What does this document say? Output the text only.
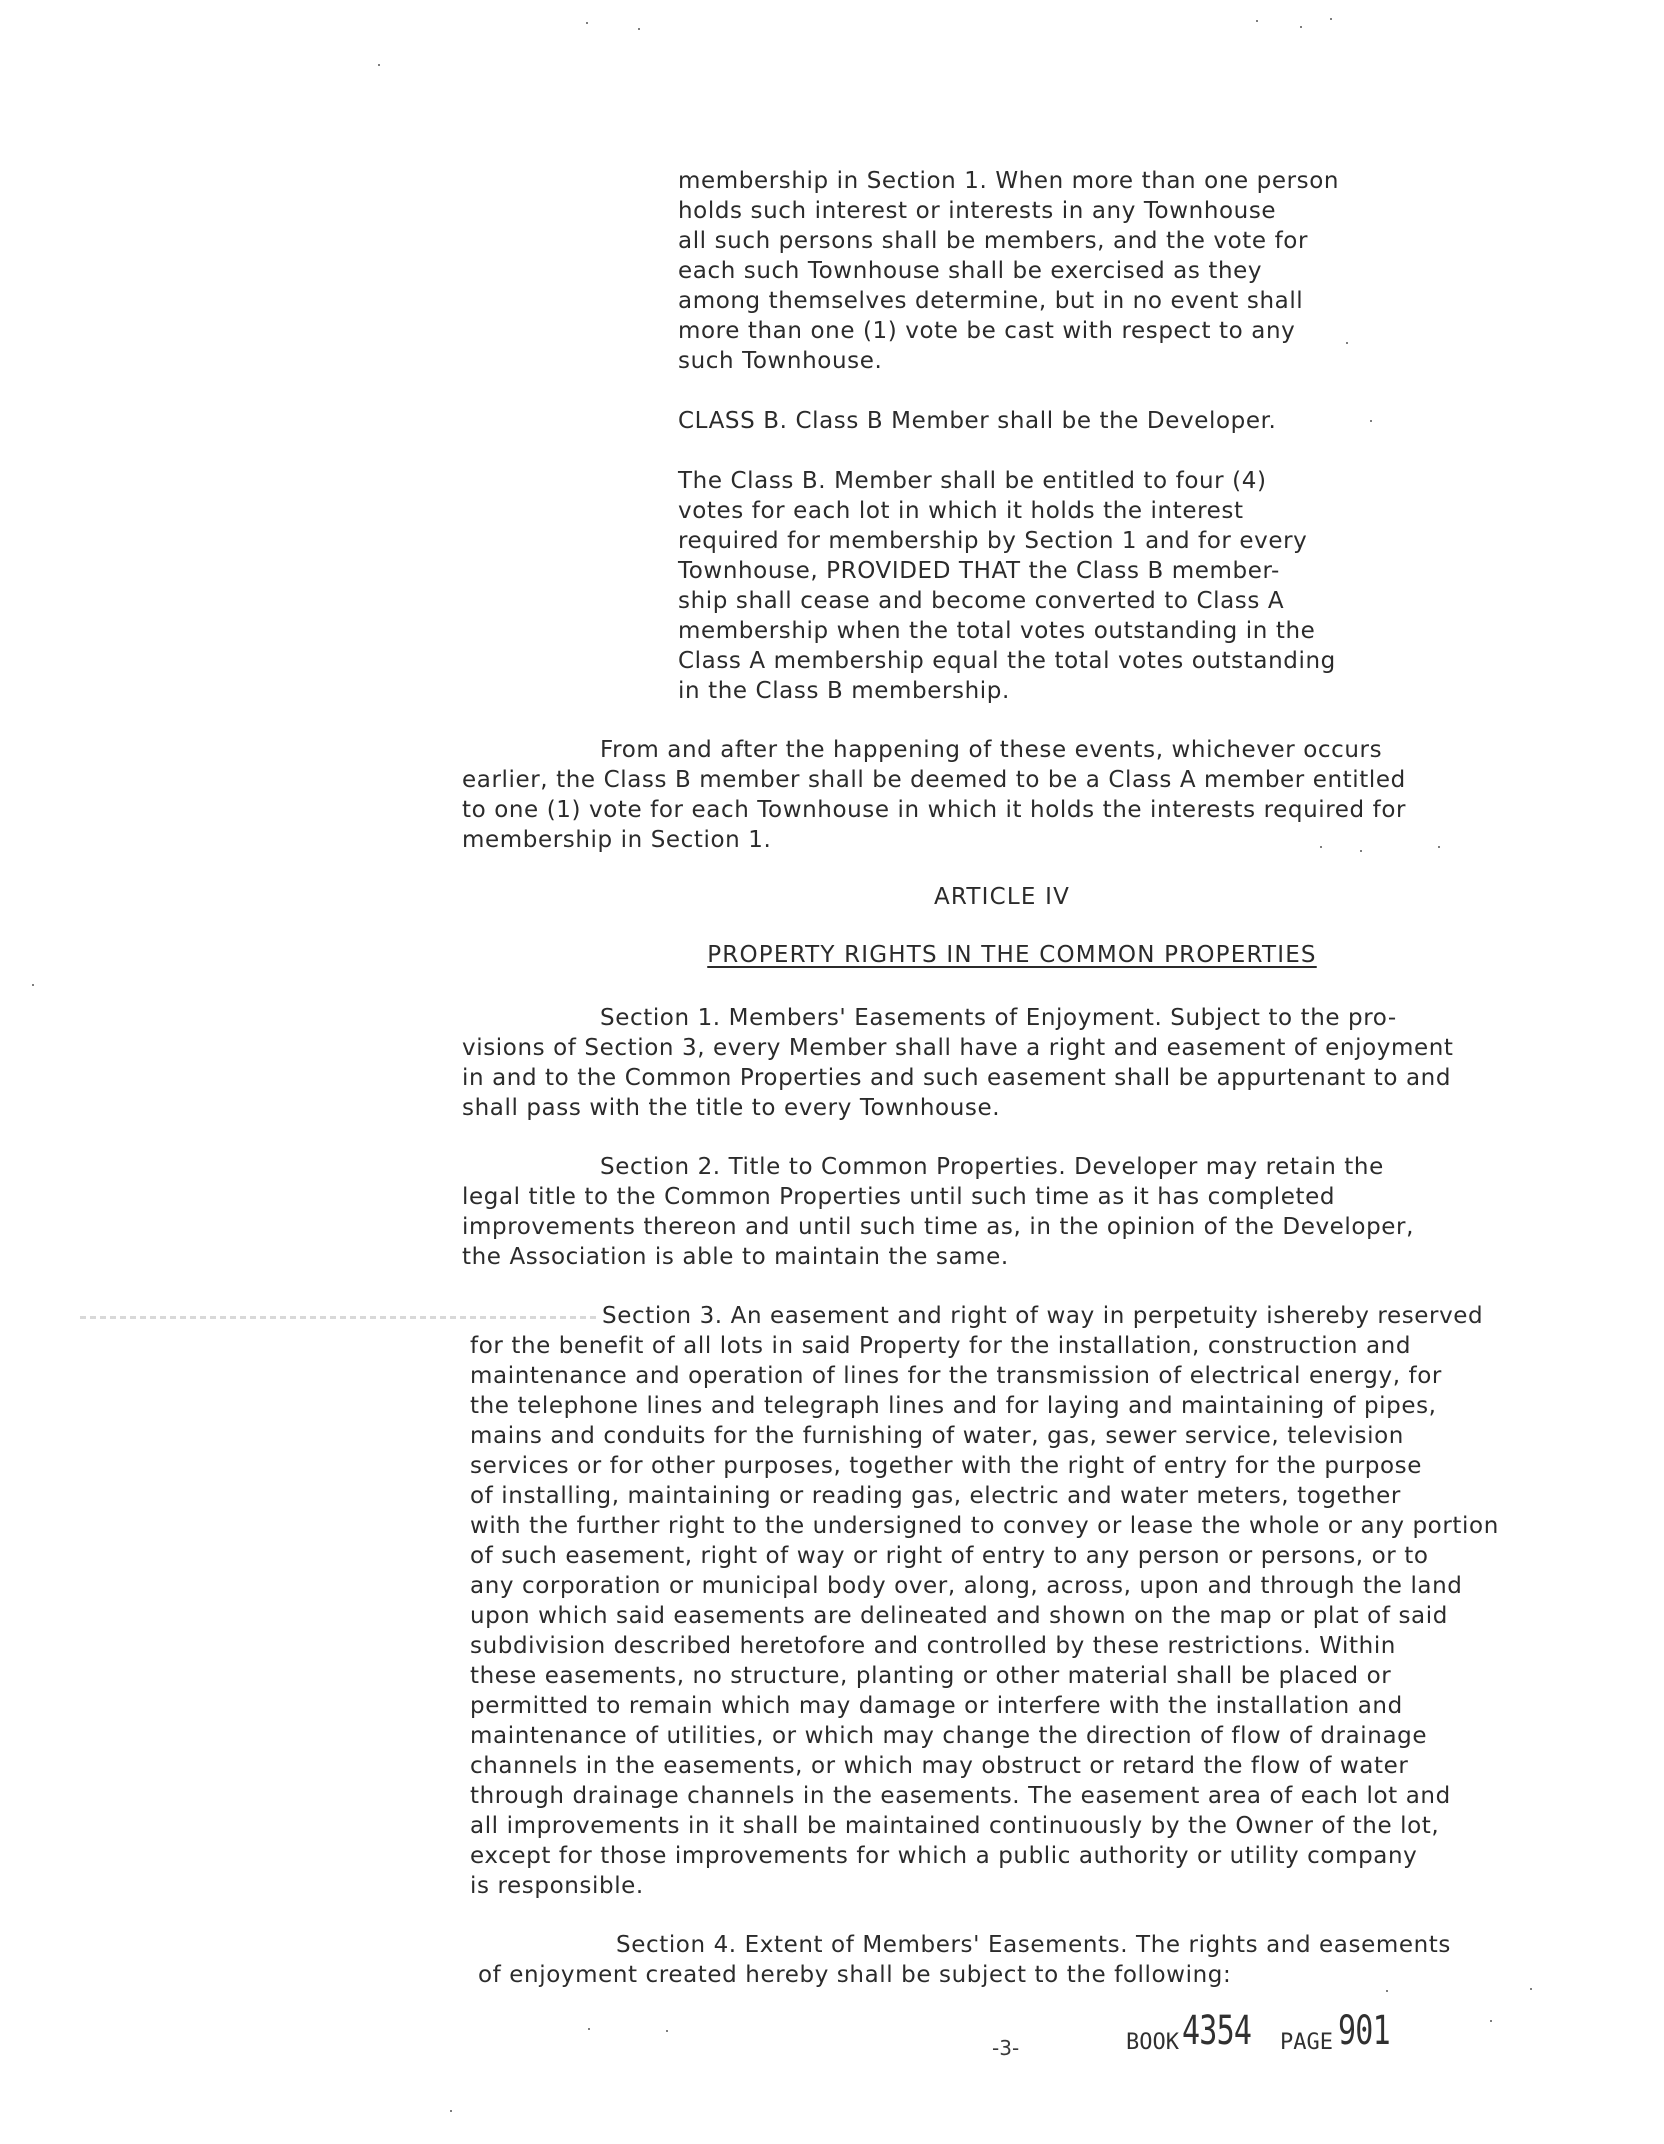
membership in Section 1. When more than one person
holds such interest or interests in any Townhouse
all such persons shall be members, and the vote for
each such Townhouse shall be exercised as they
among themselves determine, but in no event shall
more than one (1) vote be cast with respect to any
such Townhouse.
CLASS B. Class B Member shall be the Developer.
The Class B. Member shall be entitled to four (4)
votes for each lot in which it holds the interest
required for membership by Section 1 and for every
Townhouse, PROVIDED THAT the Class B member-
ship shall cease and become converted to Class A
membership when the total votes outstanding in the
Class A membership equal the total votes outstanding
in the Class B membership.
From and after the happening of these events, whichever occurs
earlier, the Class B member shall be deemed to be a Class A member entitled
to one (1) vote for each Townhouse in which it holds the interests required for
membership in Section 1.
ARTICLE IV
PROPERTY RIGHTS IN THE COMMON PROPERTIES
Section 1. Members' Easements of Enjoyment. Subject to the pro-
visions of Section 3, every Member shall have a right and easement of enjoyment
in and to the Common Properties and such easement shall be appurtenant to and
shall pass with the title to every Townhouse.
Section 2. Title to Common Properties. Developer may retain the
legal title to the Common Properties until such time as it has completed
improvements thereon and until such time as, in the opinion of the Developer,
the Association is able to maintain the same.
Section 3. An easement and right of way in perpetuity ishereby reserved
for the benefit of all lots in said Property for the installation, construction and
maintenance and operation of lines for the transmission of electrical energy, for
the telephone lines and telegraph lines and for laying and maintaining of pipes,
mains and conduits for the furnishing of water, gas, sewer service, television
services or for other purposes, together with the right of entry for the purpose
of installing, maintaining or reading gas, electric and water meters, together
with the further right to the undersigned to convey or lease the whole or any portion
of such easement, right of way or right of entry to any person or persons, or to
any corporation or municipal body over, along, across, upon and through the land
upon which said easements are delineated and shown on the map or plat of said
subdivision described heretofore and controlled by these restrictions. Within
these easements, no structure, planting or other material shall be placed or
permitted to remain which may damage or interfere with the installation and
maintenance of utilities, or which may change the direction of flow of drainage
channels in the easements, or which may obstruct or retard the flow of water
through drainage channels in the easements. The easement area of each lot and
all improvements in it shall be maintained continuously by the Owner of the lot,
except for those improvements for which a public authority or utility company
is responsible.
Section 4. Extent of Members' Easements. The rights and easements
of enjoyment created hereby shall be subject to the following:
-3-	BOOK 4354 PAGE 901
